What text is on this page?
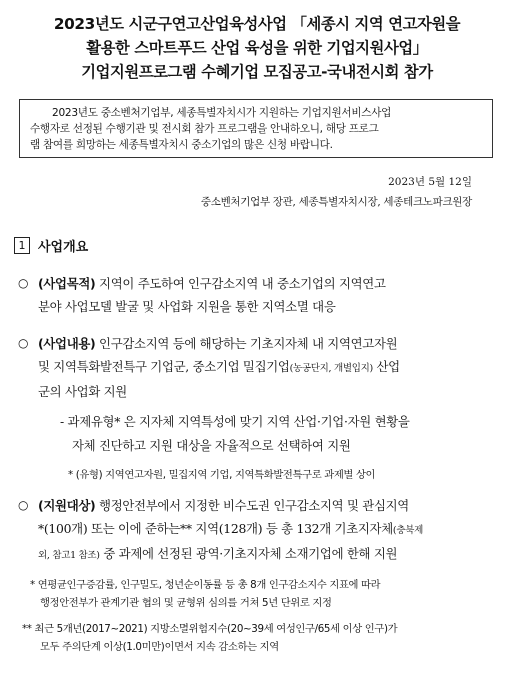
2023년도 시군구연고산업육성사업 「세종시 지역 연고자원을
활용한 스마트푸드 산업 육성을 위한 기업지원사업」
기업지원프로그램 수혜기업 모집공고-국내전시회 참가
2023년도 중소벤처기업부, 세종특별자치시가 지원하는 기업지원서비스사업
수행자로 선정된 수행기관 및 전시회 참가 프로그램을 안내하오니, 해당 프로그
램 참여를 희망하는 세종특별자치시 중소기업의 많은 신청 바랍니다.
2023년 5월 12일
중소벤처기업부 장관, 세종특별자치시장, 세종테크노파크원장
1 사업개요
○ (사업목적) 지역이 주도하여 인구감소지역 내 중소기업의 지역연고
분야 사업모델 발굴 및 사업화 지원을 통한 지역소멸 대응
○ (사업내용) 인구감소지역 등에 해당하는 기초지자체 내 지역연고자원
및 지역특화발전특구 기업군, 중소기업 밀집기업(농공단지, 개별입지) 산업
군의 사업화 지원
- 과제유형* 은 지자체 지역특성에 맞기 지역 산업·기업·자원 현황을
자체 진단하고 지원 대상을 자율적으로 선택하여 지원
* (유형) 지역연고자원, 밀집지역 기업, 지역특화발전특구로 과제별 상이
○ (지원대상) 행정안전부에서 지정한 비수도권 인구감소지역 및 관심지역
*(100개) 또는 이에 준하는** 지역(128개) 등 총 132개 기초지자체(충북제
외, 참고1 참조) 중 과제에 선정된 광역·기초지자체 소재기업에 한해 지원
* 연평균인구증감률, 인구밀도, 청년순이동률 등 총 8개 인구감소지수 지표에 따라
행정안전부가 관계기관 협의 및 균형위 심의를 거쳐 5년 단위로 지정
** 최근 5개년(2017~2021) 지방소멸위험지수(20~39세 여성인구/65세 이상 인구)가
모두 주의단계 이상(1.0미만)이면서 지속 감소하는 지역
